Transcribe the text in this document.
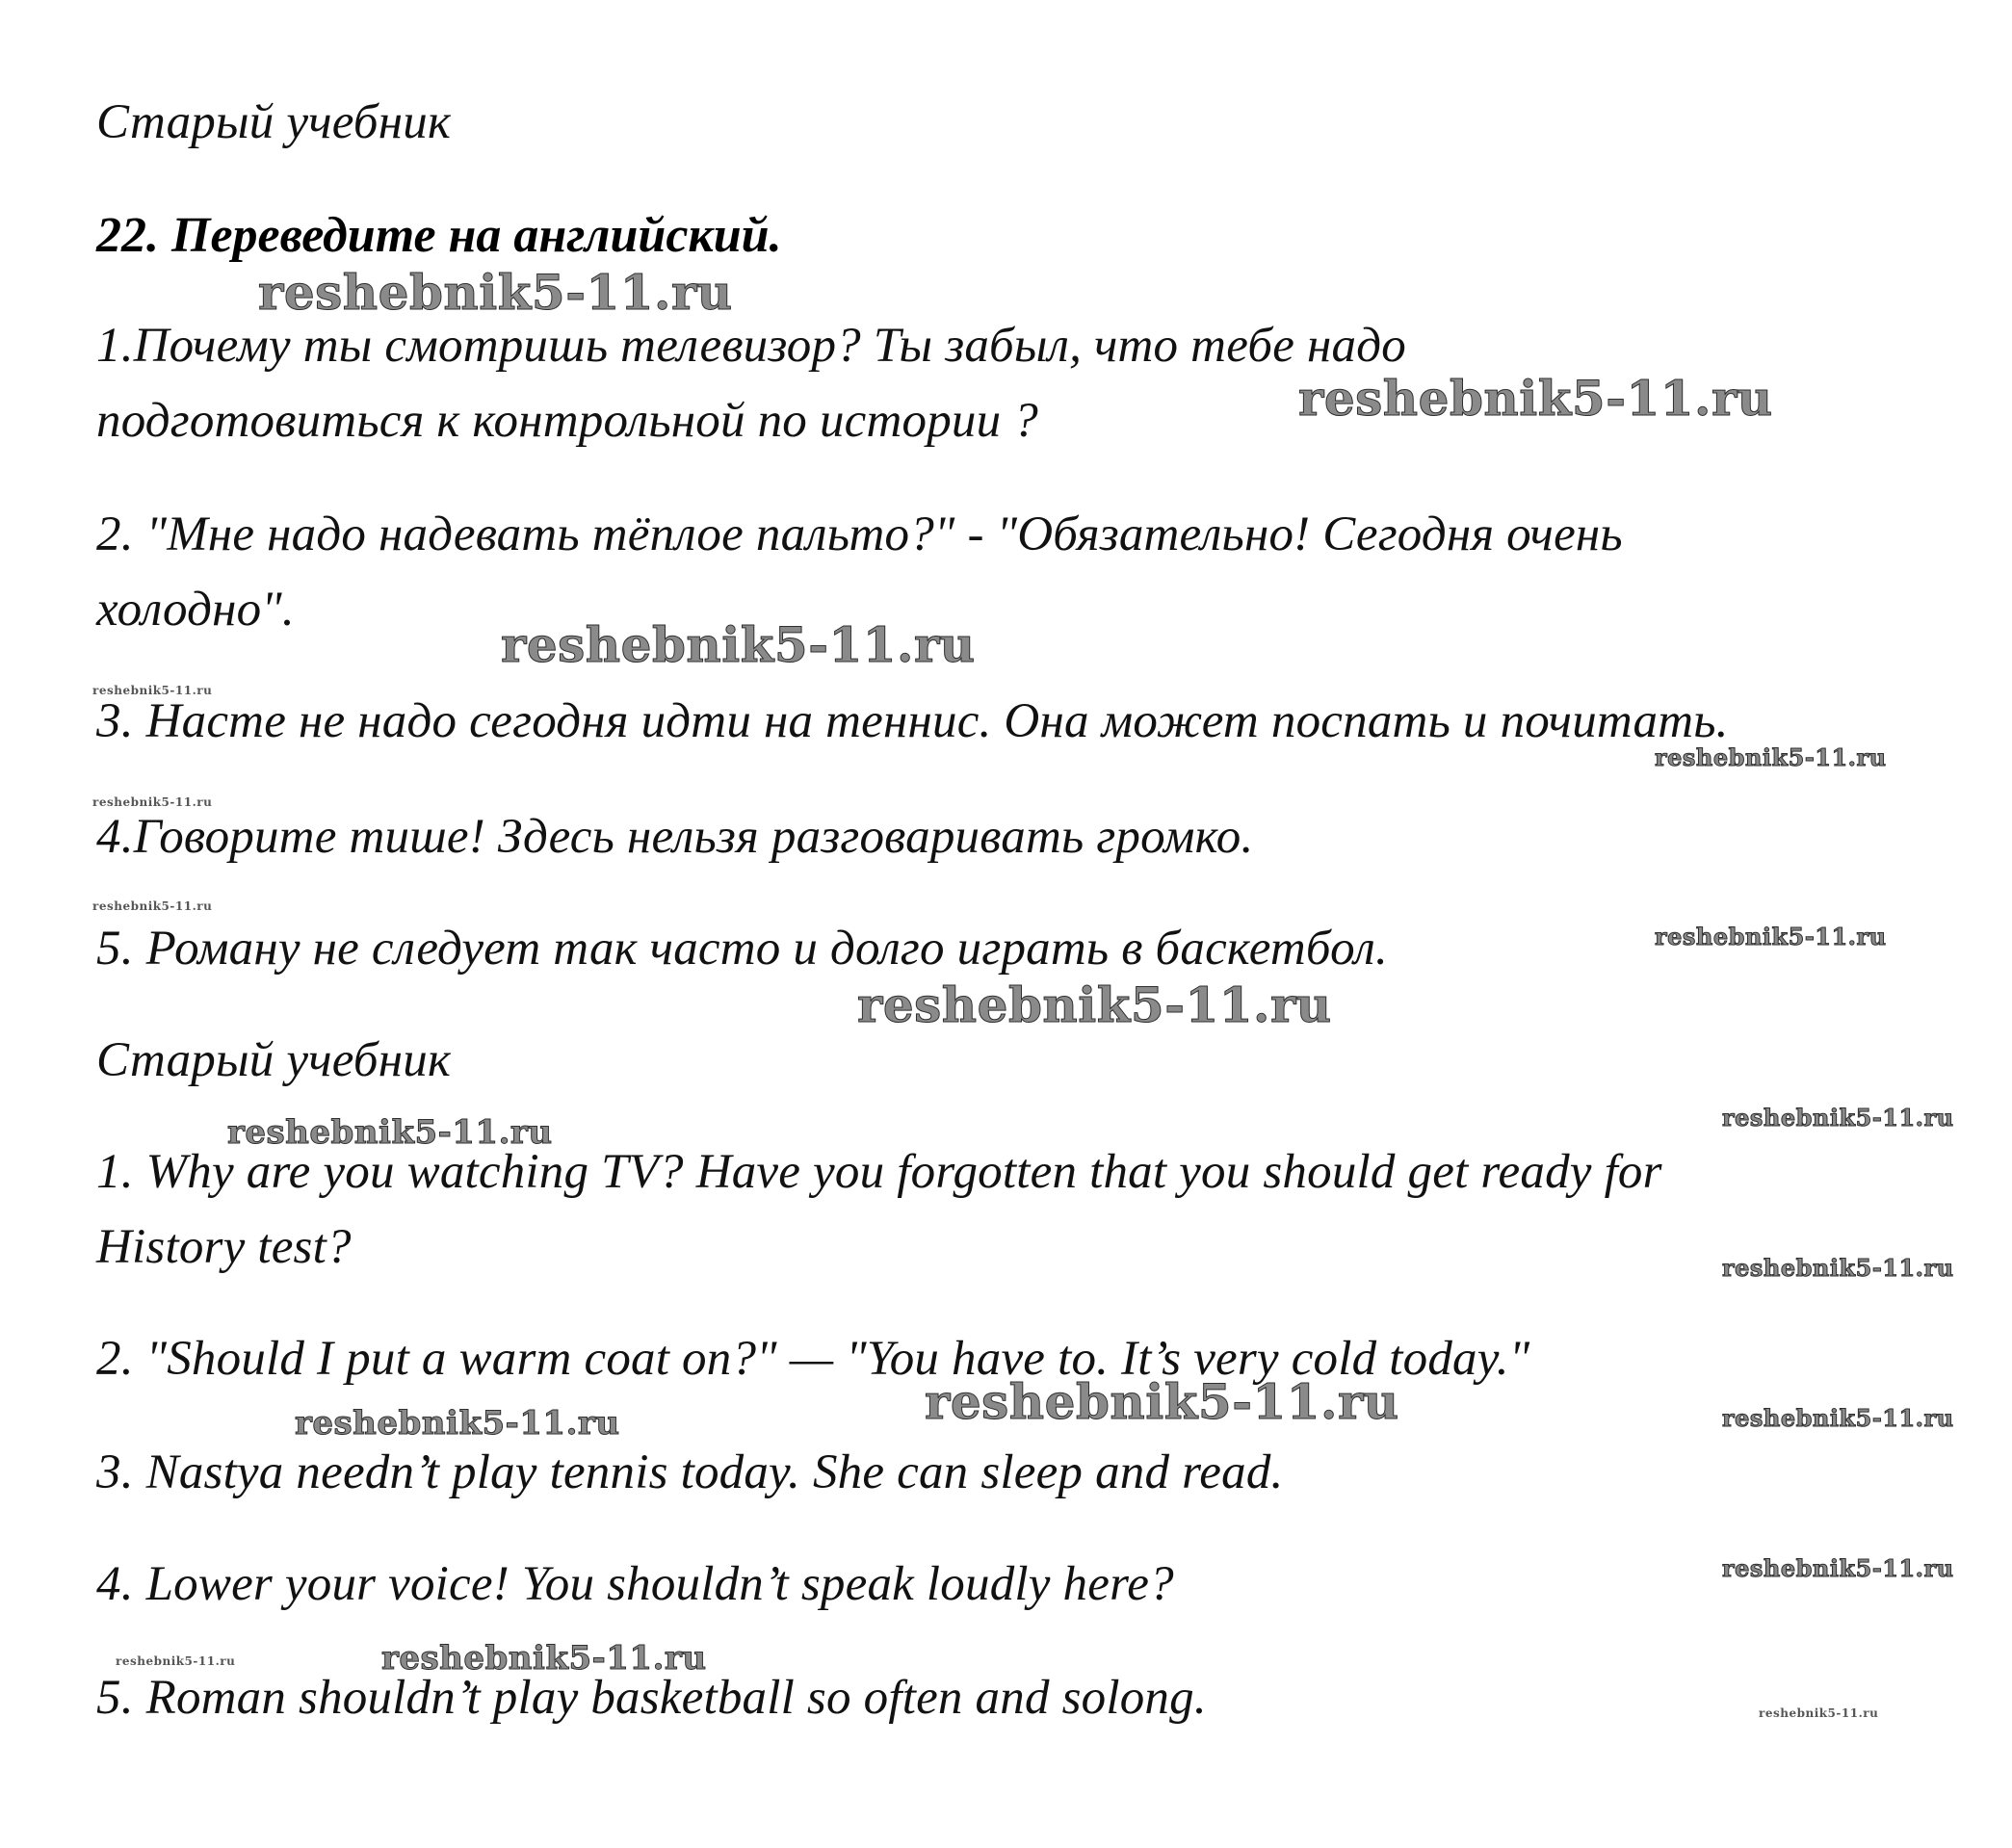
Старый учебник
22. Переведите на английский.
1.Почему ты смотришь телевизор? Ты забыл, что тебе надо
подготовиться к контрольной по истории ?
2. "Мне надо надевать тёплое пальто?" - "Обязательно! Сегодня очень
холодно".
3. Насте не надо сегодня идти на теннис. Она может поспать и почитать.
4.Говорите тише! Здесь нельзя разговаривать громко.
5. Роману не следует так часто и долго играть в баскетбол.
Старый учебник
1. Why are you watching TV? Have you forgotten that you should get ready for
History test?
2. "Should I put a warm coat on?" — "You have to. It’s very cold today."
3. Nastya needn’t play tennis today. She can sleep and read.
4. Lower your voice! You shouldn’t speak loudly here?
5. Roman shouldn’t play basketball so often and solong.
reshebnik5-11.ru
reshebnik5-11.ru
reshebnik5-11.ru
reshebnik5-11.ru
reshebnik5-11.ru
reshebnik5-11.ru
reshebnik5-11.ru
reshebnik5-11.ru
reshebnik5-11.ru
reshebnik5-11.ru
reshebnik5-11.ru
reshebnik5-11.ru
reshebnik5-11.ru
reshebnik5-11.ru	reshebnik5-11.ru
reshebnik5-11.ru
reshebnik5-11.ru
reshebnik5-11.ru
reshebnik5-11.ru
